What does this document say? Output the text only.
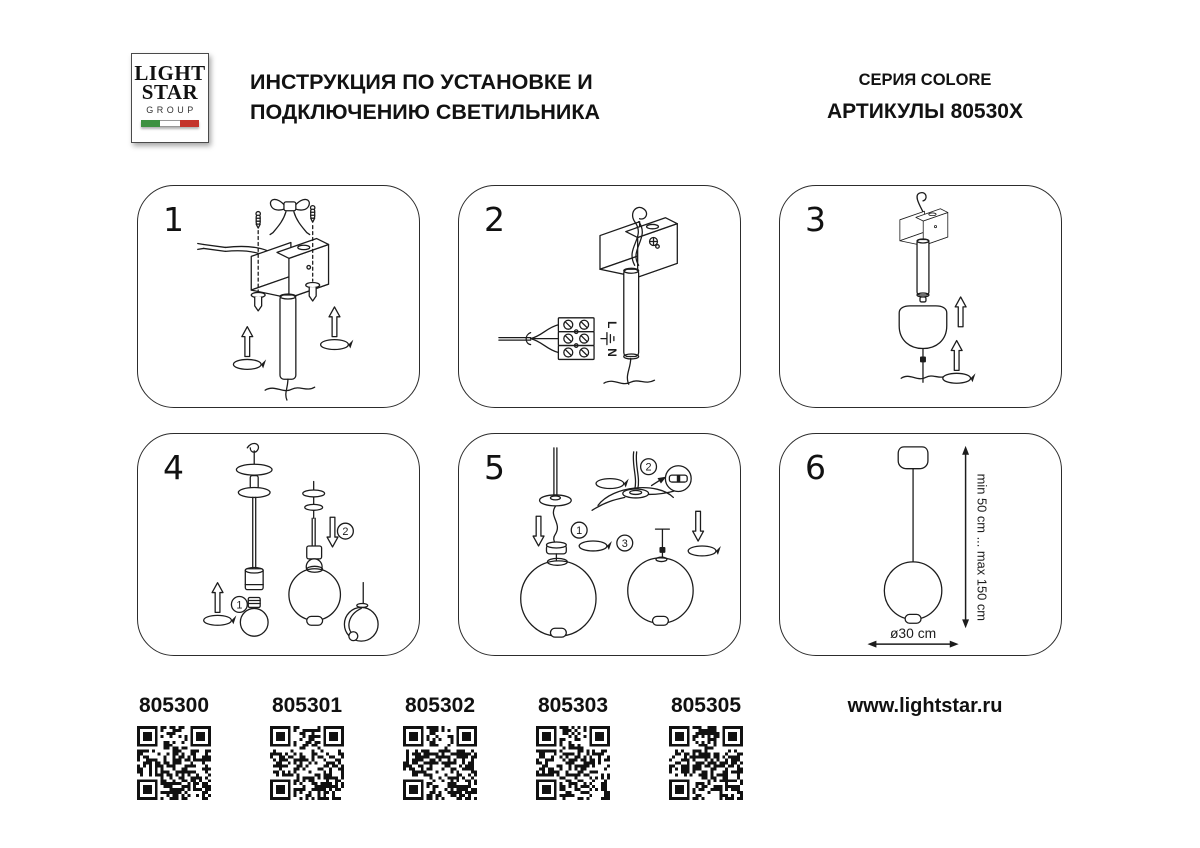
LIGHT
STAR
GROUP
ИНСТРУКЦИЯ ПО УСТАНОВКЕ И
ПОДКЛЮЧЕНИЮ СВЕТИЛЬНИКА
СЕРИЯ COLORE
АРТИКУЛЫ 80530X
1	2
L
N
3
4
1
2
5
1
2
3
6
min 50 cm ... max 150 cm
ø30 cm
805300	805301	805302	805303	805305	www.lightstar.ru
